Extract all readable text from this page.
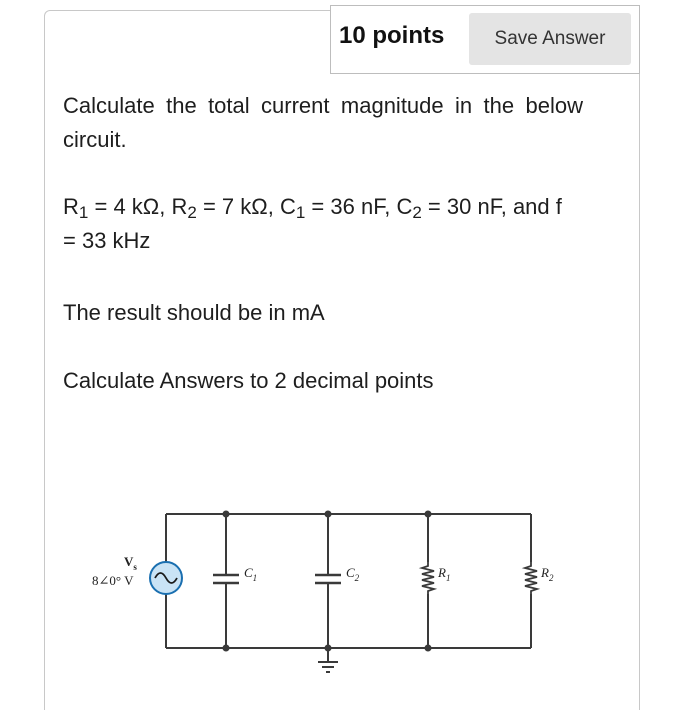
10 points	Save Answer
Calculate the total current magnitude in the below circuit.
$R_1 = 4$ kΩ, $R_2 = 7$ kΩ, $C_1 = 36$ nF, $C_2 = 30$ nF, and f
= 33 kHz
The result should be in mA
Calculate Answers to 2 decimal points
$V_s$
8∠0° V
$C_1$	$C_2$	$R_1$	$R_2$
